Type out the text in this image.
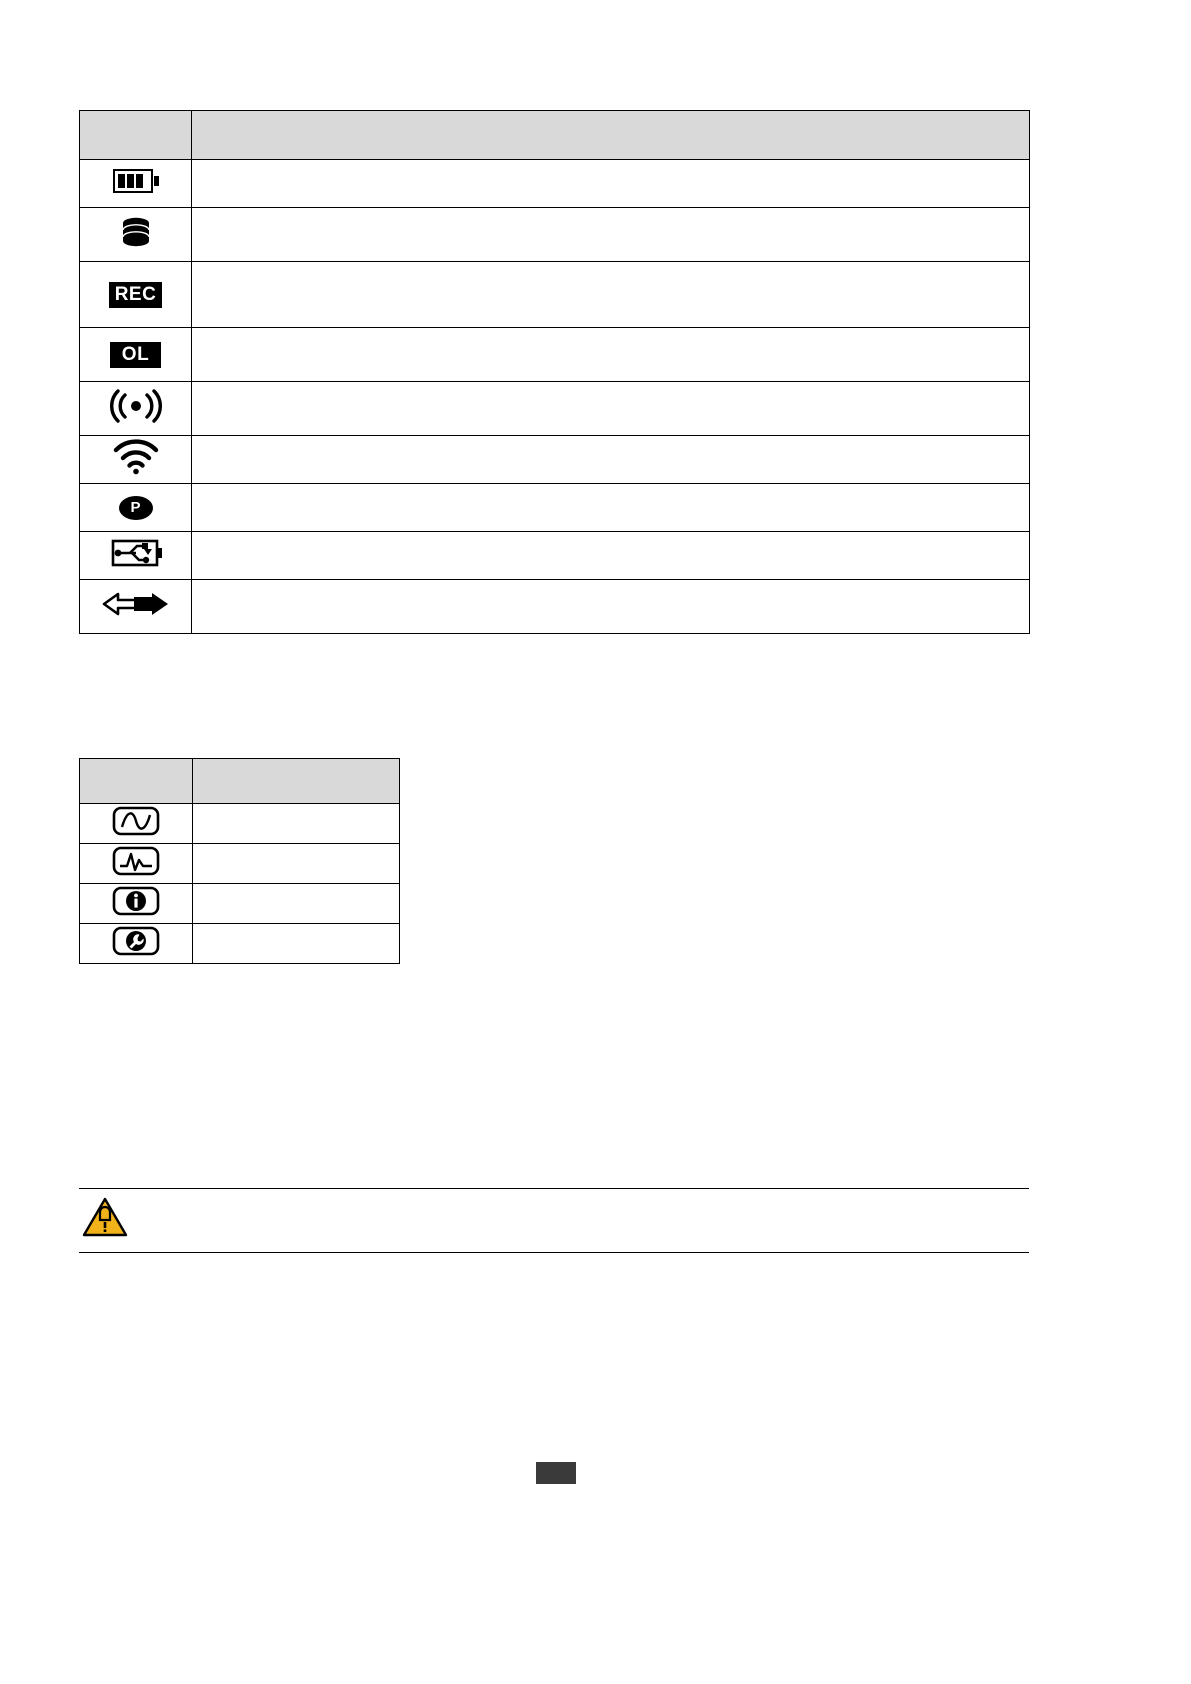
REC	
OL	

P	
